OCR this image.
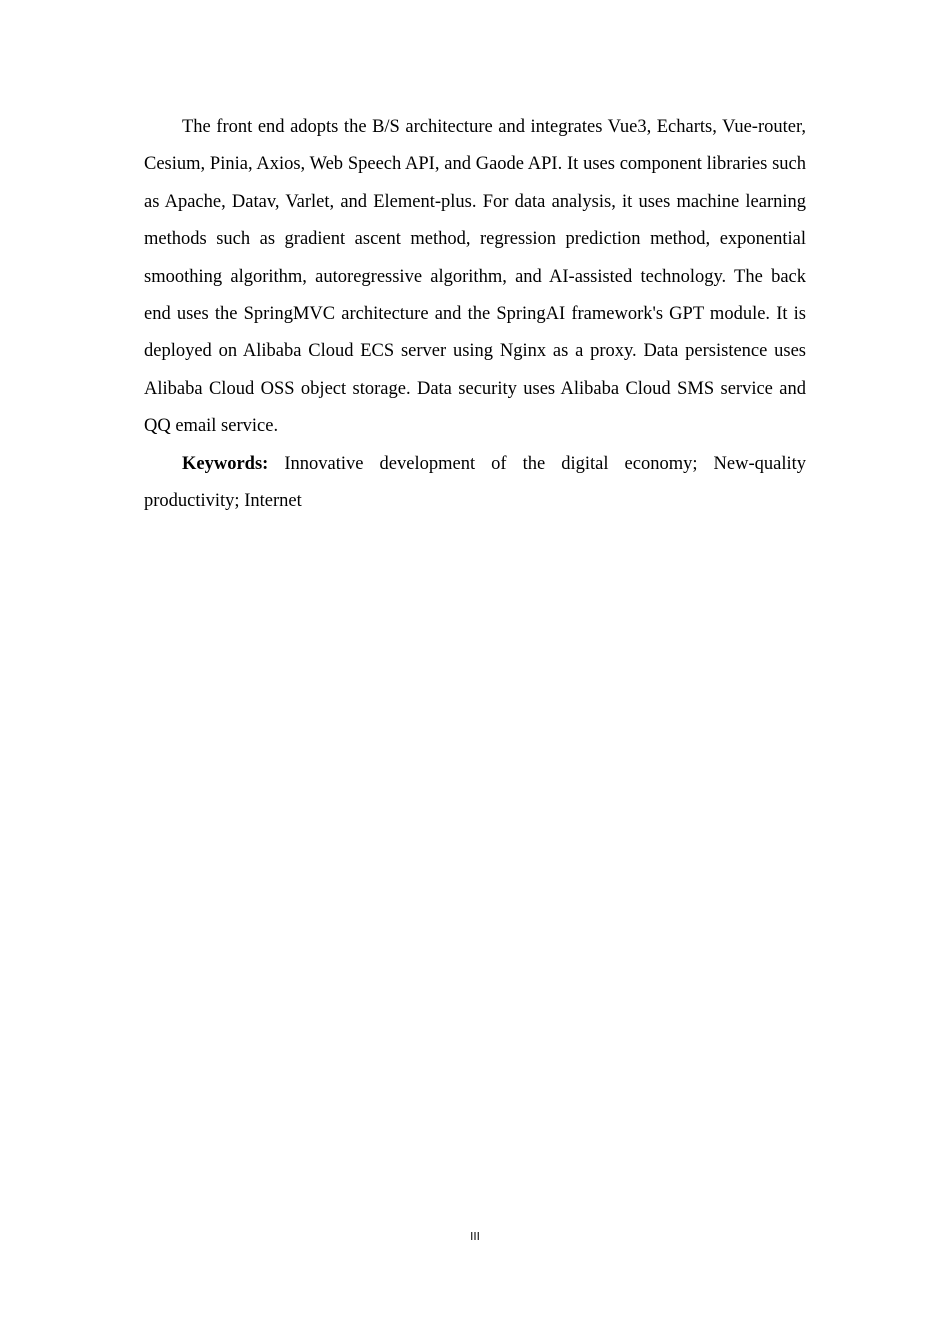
The front end adopts the B/S architecture and integrates Vue3, Echarts, Vue-router, Cesium, Pinia, Axios, Web Speech API, and Gaode API. It uses component libraries such as Apache, Datav, Varlet, and Element-plus. For data analysis, it uses machine learning methods such as gradient ascent method, regression prediction method, exponential smoothing algorithm, autoregressive algorithm, and AI-assisted technology. The back end uses the SpringMVC architecture and the SpringAI framework's GPT module. It is deployed on Alibaba Cloud ECS server using Nginx as a proxy. Data persistence uses Alibaba Cloud OSS object storage. Data security uses Alibaba Cloud SMS service and QQ email service.

Keywords: Innovative development of the digital economy; New-quality productivity; Internet

III
